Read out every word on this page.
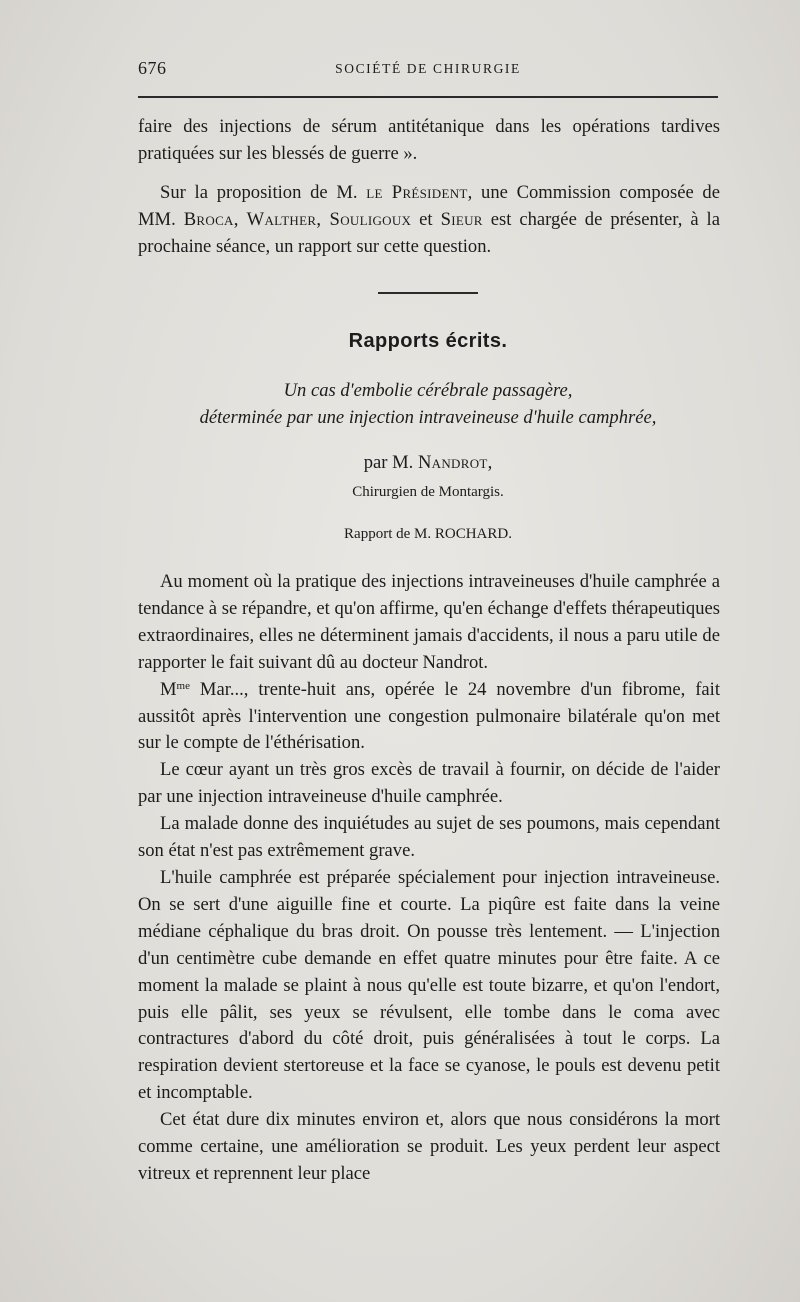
676	SOCIÉTÉ DE CHIRURGIE

faire des injections de sérum antitétanique dans les opérations tardives pratiquées sur les blessés de guerre ».

Sur la proposition de M. le Président, une Commission composée de MM. Broca, Walther, Souligoux et Sieur est chargée de présenter, à la prochaine séance, un rapport sur cette question.

Rapports écrits.
Un cas d'embolie cérébrale passagère,
déterminée par une injection intraveineuse d'huile camphrée,
par M. Nandrot,
Chirurgien de Montargis.
Rapport de M. ROCHARD.

Au moment où la pratique des injections intraveineuses d'huile camphrée a tendance à se répandre, et qu'on affirme, qu'en échange d'effets thérapeutiques extraordinaires, elles ne déterminent jamais d'accidents, il nous a paru utile de rapporter le fait suivant dû au docteur Nandrot.

$M^{me}$ Mar..., trente-huit ans, opérée le 24 novembre d'un fibrome, fait aussitôt après l'intervention une congestion pulmonaire bilatérale qu'on met sur le compte de l'éthérisation.

Le cœur ayant un très gros excès de travail à fournir, on décide de l'aider par une injection intraveineuse d'huile camphrée.

La malade donne des inquiétudes au sujet de ses poumons, mais cependant son état n'est pas extrêmement grave.

L'huile camphrée est préparée spécialement pour injection intraveineuse. On se sert d'une aiguille fine et courte. La piqûre est faite dans la veine médiane céphalique du bras droit. On pousse très lentement. — L'injection d'un centimètre cube demande en effet quatre minutes pour être faite. A ce moment la malade se plaint à nous qu'elle est toute bizarre, et qu'on l'endort, puis elle pâlit, ses yeux se révulsent, elle tombe dans le coma avec contractures d'abord du côté droit, puis généralisées à tout le corps. La respiration devient stertoreuse et la face se cyanose, le pouls est devenu petit et incomptable.

Cet état dure dix minutes environ et, alors que nous considérons la mort comme certaine, une amélioration se produit. Les yeux perdent leur aspect vitreux et reprennent leur place
